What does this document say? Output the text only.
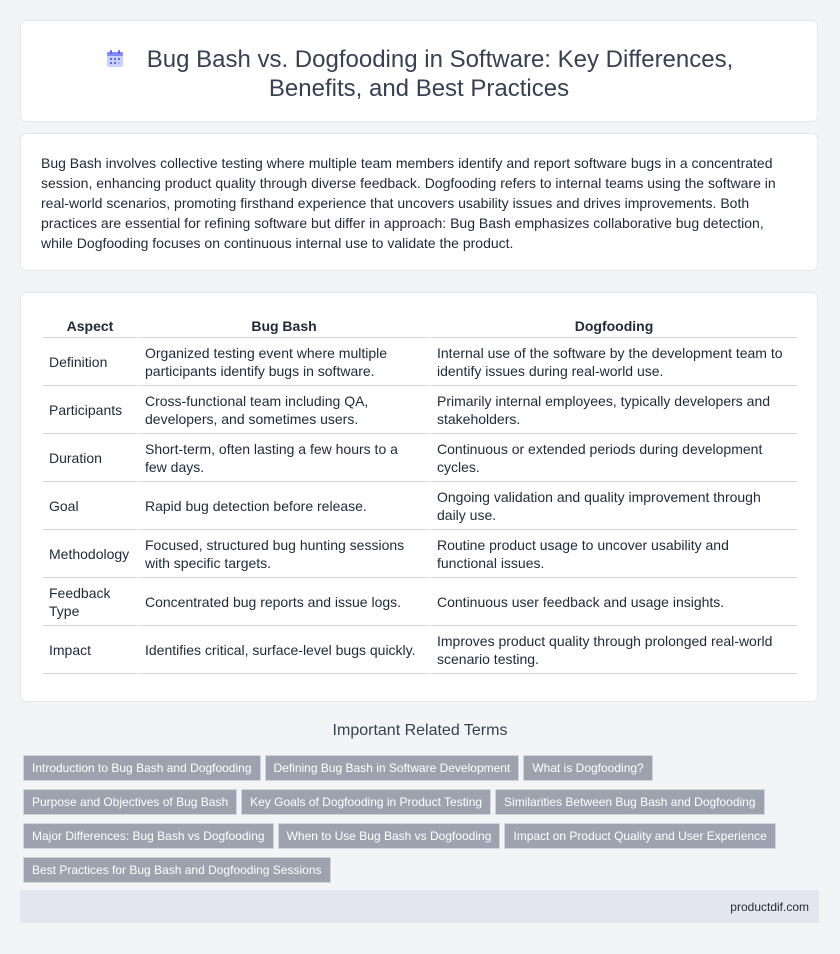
Bug Bash vs. Dogfooding in Software: Key Differences, Benefits, and Best Practices

Bug Bash involves collective testing where multiple team members identify and report software bugs in a concentrated session, enhancing product quality through diverse feedback. Dogfooding refers to internal teams using the software in real-world scenarios, promoting firsthand experience that uncovers usability issues and drives improvements. Both practices are essential for refining software but differ in approach: Bug Bash emphasizes collaborative bug detection, while Dogfooding focuses on continuous internal use to validate the product.

Aspect	Bug Bash	Dogfooding
Definition	Organized testing event where multiple participants identify bugs in software.	Internal use of the software by the development team to identify issues during real-world use.
Participants	Cross-functional team including QA, developers, and sometimes users.	Primarily internal employees, typically developers and stakeholders.
Duration	Short-term, often lasting a few hours to a few days.	Continuous or extended periods during development cycles.
Goal	Rapid bug detection before release.	Ongoing validation and quality improvement through daily use.
Methodology	Focused, structured bug hunting sessions with specific targets.	Routine product usage to uncover usability and functional issues.
Feedback Type	Concentrated bug reports and issue logs.	Continuous user feedback and usage insights.
Impact	Identifies critical, surface-level bugs quickly.	Improves product quality through prolonged real-world scenario testing.
Important Related Terms
Introduction to Bug Bash and Dogfooding Defining Bug Bash in Software Development What is Dogfooding?
Purpose and Objectives of Bug Bash Key Goals of Dogfooding in Product Testing Similarities Between Bug Bash and Dogfooding
Major Differences: Bug Bash vs Dogfooding When to Use Bug Bash vs Dogfooding Impact on Product Quality and User Experience
Best Practices for Bug Bash and Dogfooding Sessions
productdif.com
